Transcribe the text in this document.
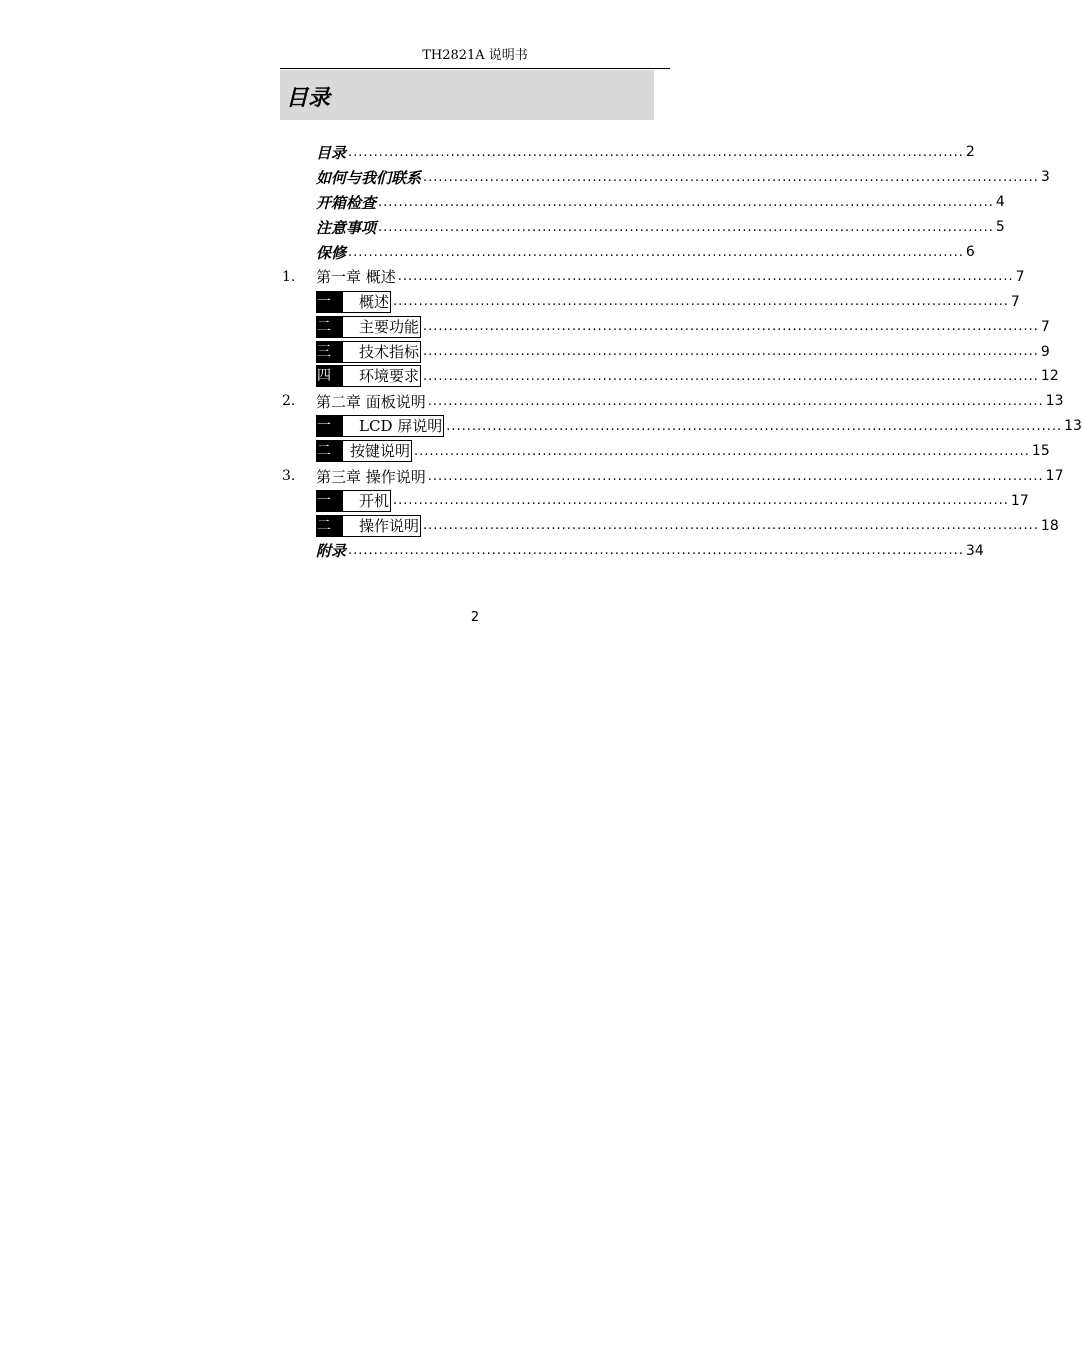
TH2821A 说明书
目录
目录 ........................................................................................................................ 2
如何与我们联系 ........................................................................................................................ 3
开箱检查 ........................................................................................................................ 4
注意事项 ........................................................................................................................ 5
保修 ........................................................................................................................ 6
1. 第一章 概述 ........................................................................................................................ 7
一	概述 ........................................................................................................................ 7
二	主要功能 ........................................................................................................................ 7
三	技术指标 ........................................................................................................................ 9
四	环境要求 ........................................................................................................................ 12
2. 第二章 面板说明 ........................................................................................................................ 13
一	LCD 屏说明 ........................................................................................................................ 13
二	按键说明 ........................................................................................................................ 15
3. 第三章 操作说明 ........................................................................................................................ 17
一	开机 ........................................................................................................................ 17
二	操作说明 ........................................................................................................................ 18
附录 ........................................................................................................................ 34
2
